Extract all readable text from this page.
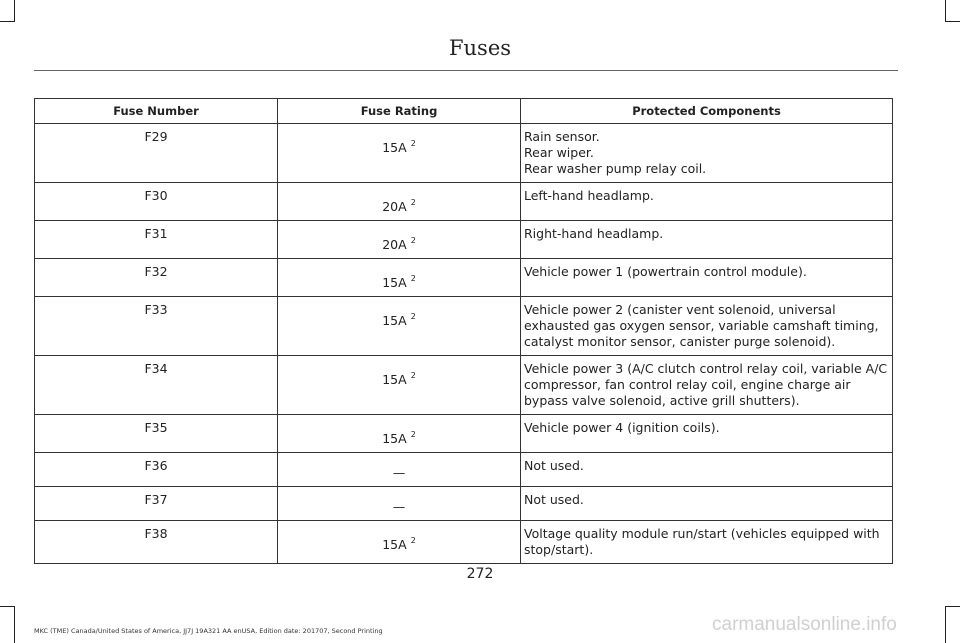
Fuses
Fuse Number	Fuse Rating	Protected Components
F29	15A $^2$	Rain sensor.
Rear wiper.
Rear washer pump relay coil.

F30	20A $^2$	Left-hand headlamp.

F31	20A $^2$	Right-hand headlamp.

F32	15A $^2$	Vehicle power 1 (powertrain control module).

F33	15A $^2$	Vehicle power 2 (canister vent solenoid, universal exhausted gas oxygen sensor, variable camshaft timing, catalyst monitor sensor, canister purge solenoid).

F34	15A $^2$	Vehicle power 3 (A/C clutch control relay coil, variable A/C compressor, fan control relay coil, engine charge air bypass valve solenoid, active grill shutters).

F35	15A $^2$	Vehicle power 4 (ignition coils).

F36	—	Not used.

F37	—	Not used.

F38	15A $^2$	Voltage quality module run/start (vehicles equipped with stop/start).
272
MKC (TME) Canada/United States of America, JJ7J 19A321 AA enUSA, Edition date: 201707, Second Printing	carmanualsonline.info
